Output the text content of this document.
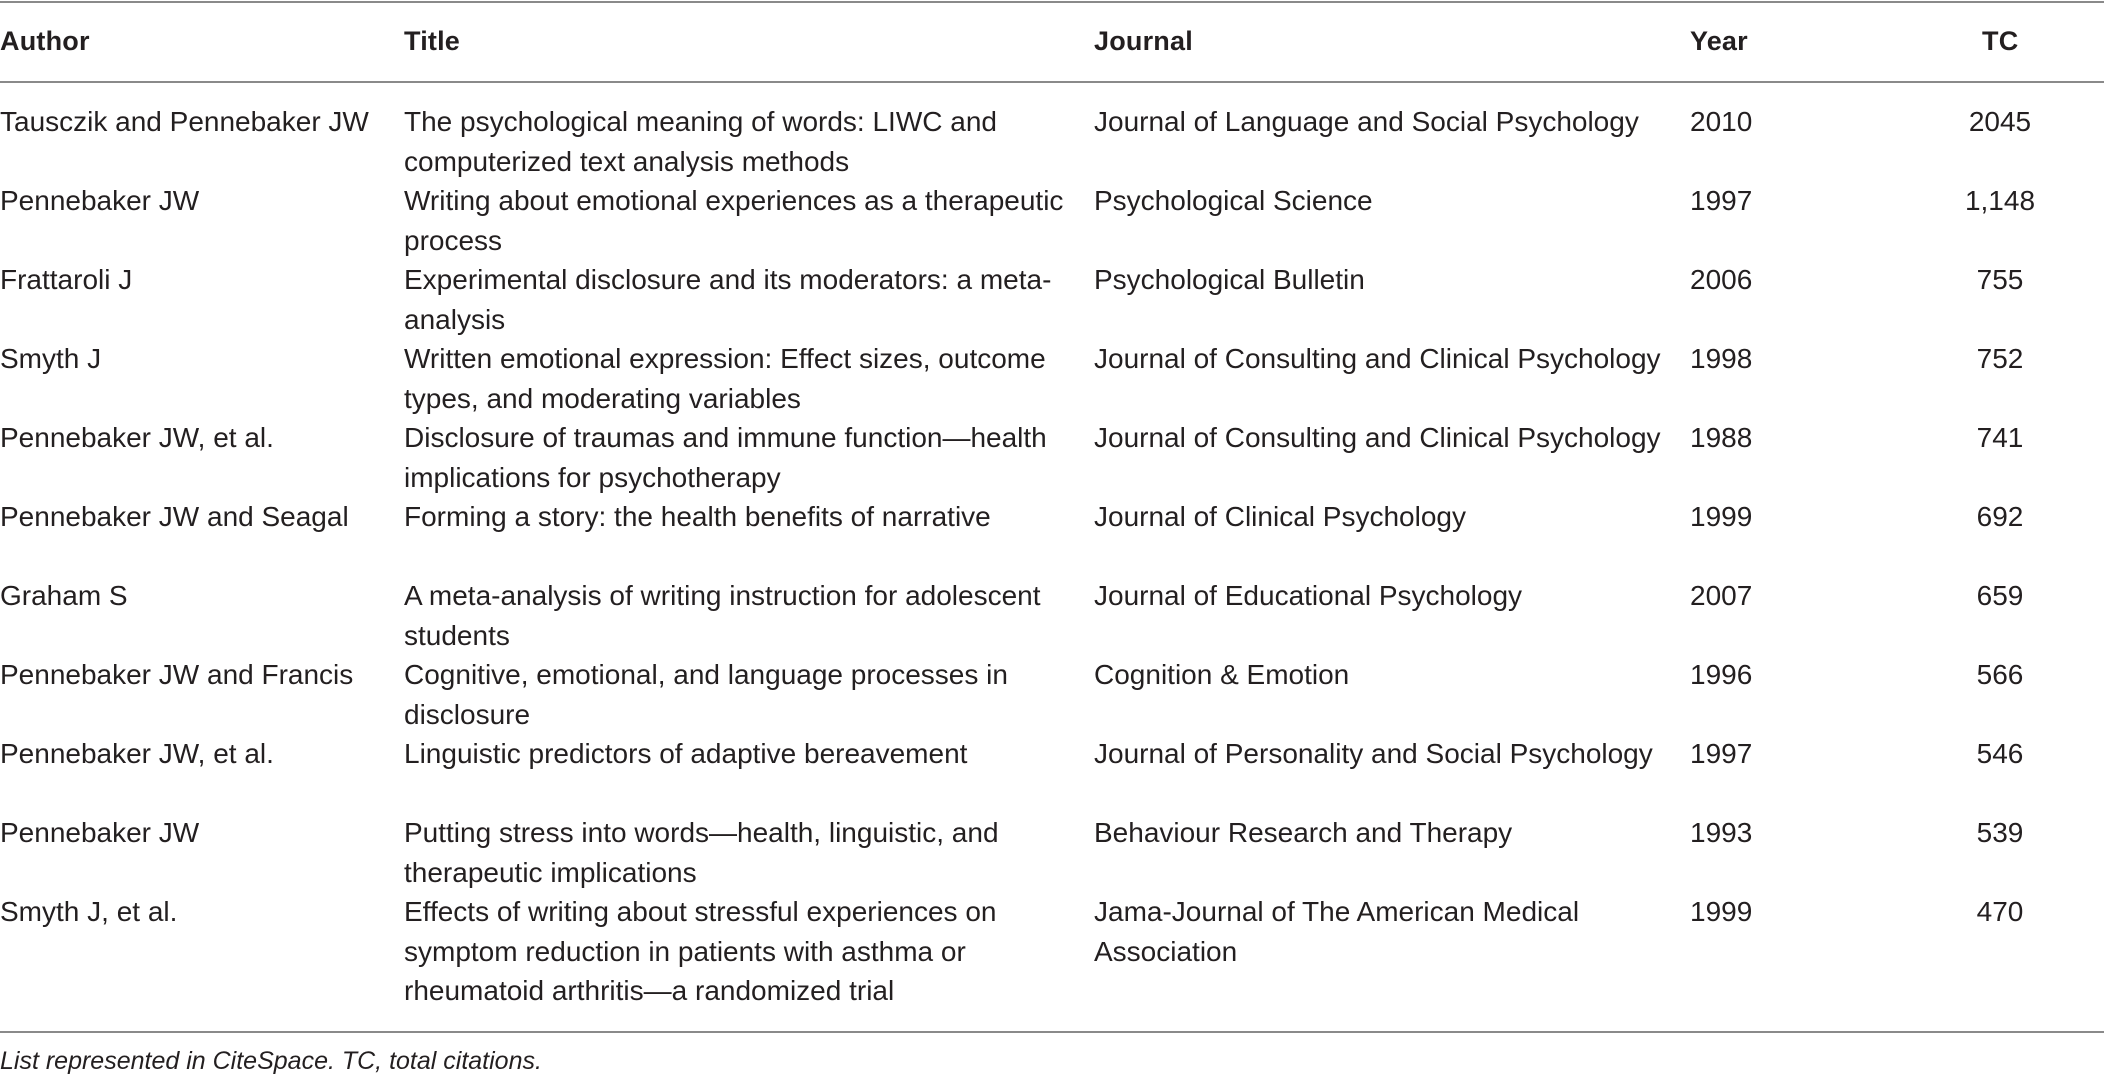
Author	Title	Journal	Year	TC
Tausczik and Pennebaker JW	The psychological meaning of words: LIWC and computerized text analysis methods	Journal of Language and Social Psychology	2010	2045
Pennebaker JW	Writing about emotional experiences as a therapeutic process	Psychological Science	1997	1,148
Frattaroli J	Experimental disclosure and its moderators: a meta-analysis	Psychological Bulletin	2006	755
Smyth J	Written emotional expression: Effect sizes, outcome types, and moderating variables	Journal of Consulting and Clinical Psychology	1998	752
Pennebaker JW, et al.	Disclosure of traumas and immune function—health implications for psychotherapy	Journal of Consulting and Clinical Psychology	1988	741
Pennebaker JW and Seagal	Forming a story: the health benefits of narrative	Journal of Clinical Psychology	1999	692
Graham S	A meta-analysis of writing instruction for adolescent students	Journal of Educational Psychology	2007	659
Pennebaker JW and Francis	Cognitive, emotional, and language processes in disclosure	Cognition & Emotion	1996	566
Pennebaker JW, et al.	Linguistic predictors of adaptive bereavement	Journal of Personality and Social Psychology	1997	546
Pennebaker JW	Putting stress into words—health, linguistic, and therapeutic implications	Behaviour Research and Therapy	1993	539
Smyth J, et al.	Effects of writing about stressful experiences on symptom reduction in patients with asthma or rheumatoid arthritis—a randomized trial	Jama-Journal of The American Medical Association	1999	470
List represented in CiteSpace. TC, total citations.
